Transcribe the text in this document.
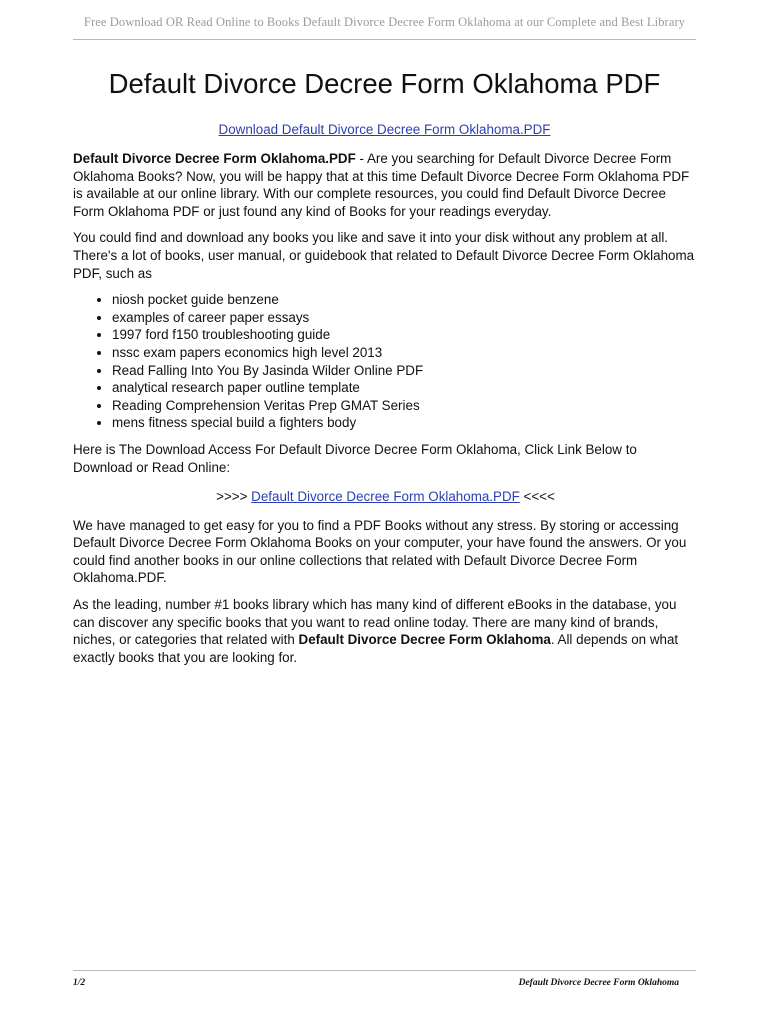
Free Download OR Read Online to Books Default Divorce Decree Form Oklahoma at our Complete and Best Library
Default Divorce Decree Form Oklahoma PDF
Download Default Divorce Decree Form Oklahoma.PDF

Default Divorce Decree Form Oklahoma.PDF - Are you searching for Default Divorce Decree Form Oklahoma Books? Now, you will be happy that at this time Default Divorce Decree Form Oklahoma PDF is available at our online library. With our complete resources, you could find Default Divorce Decree Form Oklahoma PDF or just found any kind of Books for your readings everyday.

You could find and download any books you like and save it into your disk without any problem at all. There's a lot of books, user manual, or guidebook that related to Default Divorce Decree Form Oklahoma PDF, such as

• niosh pocket guide benzene
• examples of career paper essays
• 1997 ford f150 troubleshooting guide
• nssc exam papers economics high level 2013
• Read Falling Into You By Jasinda Wilder Online PDF
• analytical research paper outline template
• Reading Comprehension Veritas Prep GMAT Series
• mens fitness special build a fighters body

Here is The Download Access For Default Divorce Decree Form Oklahoma, Click Link Below to Download or Read Online:

>>>> Default Divorce Decree Form Oklahoma.PDF <<<<

We have managed to get easy for you to find a PDF Books without any stress. By storing or accessing Default Divorce Decree Form Oklahoma Books on your computer, your have found the answers. Or you could find another books in our online collections that related with Default Divorce Decree Form Oklahoma.PDF.

As the leading, number #1 books library which has many kind of different eBooks in the database, you can discover any specific books that you want to read online today. There are many kind of brands, niches, or categories that related with Default Divorce Decree Form Oklahoma. All depends on what exactly books that you are looking for.

1/2	Default Divorce Decree Form Oklahoma
